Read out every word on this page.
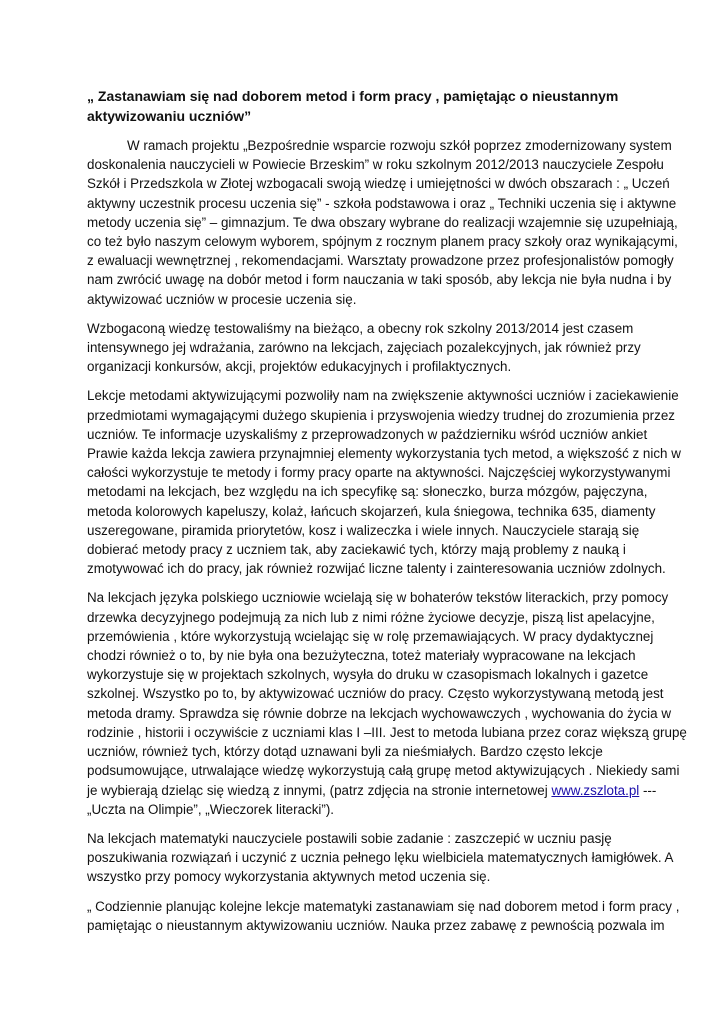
„ Zastanawiam się nad doborem metod i form pracy , pamiętając o nieustannym
aktywizowaniu uczniów”
W ramach projektu „Bezpośrednie wsparcie rozwoju szkół poprzez zmodernizowany system
doskonalenia nauczycieli w Powiecie Brzeskim” w roku szkolnym 2012/2013 nauczyciele Zespołu
Szkół i Przedszkola w Złotej wzbogacali swoją wiedzę i umiejętności w dwóch obszarach : „ Uczeń
aktywny uczestnik procesu uczenia się” - szkoła podstawowa i oraz „ Techniki uczenia się i aktywne
metody uczenia się” – gimnazjum. Te dwa obszary wybrane do realizacji wzajemnie się uzupełniają,
co też było naszym celowym wyborem, spójnym z rocznym planem pracy szkoły oraz wynikającymi,
z ewaluacji wewnętrznej , rekomendacjami. Warsztaty prowadzone przez profesjonalistów pomogły
nam zwrócić uwagę na dobór metod i form nauczania w taki sposób, aby lekcja nie była nudna i by
aktywizować uczniów w procesie uczenia się.
Wzbogaconą wiedzę testowaliśmy na bieżąco, a obecny rok szkolny 2013/2014 jest czasem
intensywnego jej wdrażania, zarówno na lekcjach, zajęciach pozalekcyjnych, jak również przy
organizacji konkursów, akcji, projektów edukacyjnych i profilaktycznych.
Lekcje metodami aktywizującymi pozwoliły nam na zwiększenie aktywności uczniów i zaciekawienie
przedmiotami wymagającymi dużego skupienia i przyswojenia wiedzy trudnej do zrozumienia przez
uczniów. Te informacje uzyskaliśmy z przeprowadzonych w październiku wśród uczniów ankiet
Prawie każda lekcja zawiera przynajmniej elementy wykorzystania tych metod, a większość z nich w
całości wykorzystuje te metody i formy pracy oparte na aktywności. Najczęściej wykorzystywanymi
metodami na lekcjach, bez względu na ich specyfikę są: słoneczko, burza mózgów, pajęczyna,
metoda kolorowych kapeluszy, kolaż, łańcuch skojarzeń, kula śniegowa, technika 635, diamenty
uszeregowane, piramida priorytetów, kosz i walizeczka i wiele innych. Nauczyciele starają się
dobierać metody pracy z uczniem tak, aby zaciekawić tych, którzy mają problemy z nauką i
zmotywować ich do pracy, jak również rozwijać liczne talenty i zainteresowania uczniów zdolnych.
Na lekcjach języka polskiego uczniowie wcielają się w bohaterów tekstów literackich, przy pomocy
drzewka decyzyjnego podejmują za nich lub z nimi różne życiowe decyzje, piszą list apelacyjne,
przemówienia , które wykorzystują wcielając się w rolę przemawiających. W pracy dydaktycznej
chodzi również o to, by nie była ona bezużyteczna, toteż materiały wypracowane na lekcjach
wykorzystuje się w projektach szkolnych, wysyła do druku w czasopismach lokalnych i gazetce
szkolnej. Wszystko po to, by aktywizować uczniów do pracy. Często wykorzystywaną metodą jest
metoda dramy. Sprawdza się równie dobrze na lekcjach wychowawczych , wychowania do życia w
rodzinie , historii i oczywiście z uczniami klas I –III. Jest to metoda lubiana przez coraz większą grupę
uczniów, również tych, którzy dotąd uznawani byli za nieśmiałych. Bardzo często lekcje
podsumowujące, utrwalające wiedzę wykorzystują całą grupę metod aktywizujących . Niekiedy sami
je wybierają dzieląc się wiedzą z innymi, (patrz zdjęcia na stronie internetowej www.zszlota.pl ---
„Uczta na Olimpie”, „Wieczorek literacki”).
Na lekcjach matematyki nauczyciele postawili sobie zadanie : zaszczepić w uczniu pasję
poszukiwania rozwiązań i uczynić z ucznia pełnego lęku wielbiciela matematycznych łamigłówek. A
wszystko przy pomocy wykorzystania aktywnych metod uczenia się.
„ Codziennie planując kolejne lekcje matematyki zastanawiam się nad doborem metod i form pracy ,
pamiętając o nieustannym aktywizowaniu uczniów. Nauka przez zabawę z pewnością pozwala im
